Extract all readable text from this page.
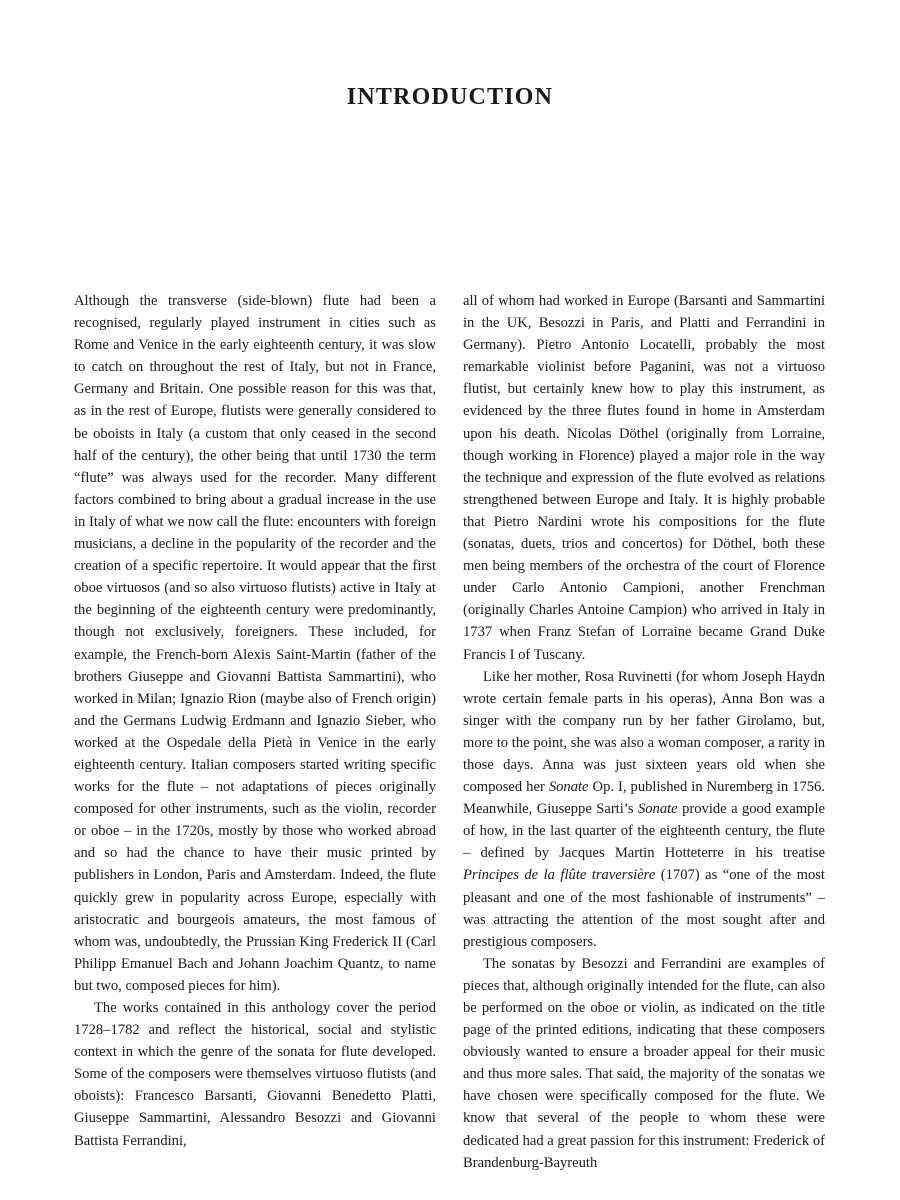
INTRODUCTION

Although the transverse (side-blown) flute had been a recognised, regularly played instrument in cities such as Rome and Venice in the early eighteenth century, it was slow to catch on throughout the rest of Italy, but not in France, Germany and Britain. One possible reason for this was that, as in the rest of Europe, flutists were generally considered to be oboists in Italy (a custom that only ceased in the second half of the century), the other being that until 1730 the term “flute” was always used for the recorder. Many different factors combined to bring about a gradual increase in the use in Italy of what we now call the flute: encounters with foreign musicians, a decline in the popularity of the recorder and the creation of a specific repertoire. It would appear that the first oboe virtuosos (and so also virtuoso flutists) active in Italy at the beginning of the eighteenth century were predominantly, though not exclusively, foreigners. These included, for example, the French-born Alexis Saint-Martin (father of the brothers Giuseppe and Giovanni Battista Sammartini), who worked in Milan; Ignazio Rion (maybe also of French origin) and the Germans Ludwig Erdmann and Ignazio Sieber, who worked at the Ospedale della Pietà in Venice in the early eighteenth century. Italian composers started writing specific works for the flute – not adaptations of pieces originally composed for other instruments, such as the violin, recorder or oboe – in the 1720s, mostly by those who worked abroad and so had the chance to have their music printed by publishers in London, Paris and Amsterdam. Indeed, the flute quickly grew in popularity across Europe, especially with aristocratic and bourgeois amateurs, the most famous of whom was, undoubtedly, the Prussian King Frederick II (Carl Philipp Emanuel Bach and Johann Joachim Quantz, to name but two, composed pieces for him).

The works contained in this anthology cover the period 1728–1782 and reflect the historical, social and stylistic context in which the genre of the sonata for flute developed. Some of the composers were themselves virtuoso flutists (and oboists): Francesco Barsanti, Giovanni Benedetto Platti, Giuseppe Sammartini, Alessandro Besozzi and Giovanni Battista Ferrandini,

all of whom had worked in Europe (Barsanti and Sammartini in the UK, Besozzi in Paris, and Platti and Ferrandini in Germany). Pietro Antonio Locatelli, probably the most remarkable violinist before Paganini, was not a virtuoso flutist, but certainly knew how to play this instrument, as evidenced by the three flutes found in home in Amsterdam upon his death. Nicolas Döthel (originally from Lorraine, though working in Florence) played a major role in the way the technique and expression of the flute evolved as relations strengthened between Europe and Italy. It is highly probable that Pietro Nardini wrote his compositions for the flute (sonatas, duets, trios and concertos) for Döthel, both these men being members of the orchestra of the court of Florence under Carlo Antonio Campioni, another Frenchman (originally Charles Antoine Campion) who arrived in Italy in 1737 when Franz Stefan of Lorraine became Grand Duke Francis I of Tuscany.

Like her mother, Rosa Ruvinetti (for whom Joseph Haydn wrote certain female parts in his operas), Anna Bon was a singer with the company run by her father Girolamo, but, more to the point, she was also a woman composer, a rarity in those days. Anna was just sixteen years old when she composed her Sonate Op. I, published in Nuremberg in 1756. Meanwhile, Giuseppe Sarti’s Sonate provide a good example of how, in the last quarter of the eighteenth century, the flute – defined by Jacques Martin Hotteterre in his treatise Principes de la flûte traversière (1707) as “one of the most pleasant and one of the most fashionable of instruments” – was attracting the attention of the most sought after and prestigious composers.

The sonatas by Besozzi and Ferrandini are examples of pieces that, although originally intended for the flute, can also be performed on the oboe or violin, as indicated on the title page of the printed editions, indicating that these composers obviously wanted to ensure a broader appeal for their music and thus more sales. That said, the majority of the sonatas we have chosen were specifically composed for the flute. We know that several of the people to whom these were dedicated had a great passion for this instrument: Frederick of Brandenburg-Bayreuth
